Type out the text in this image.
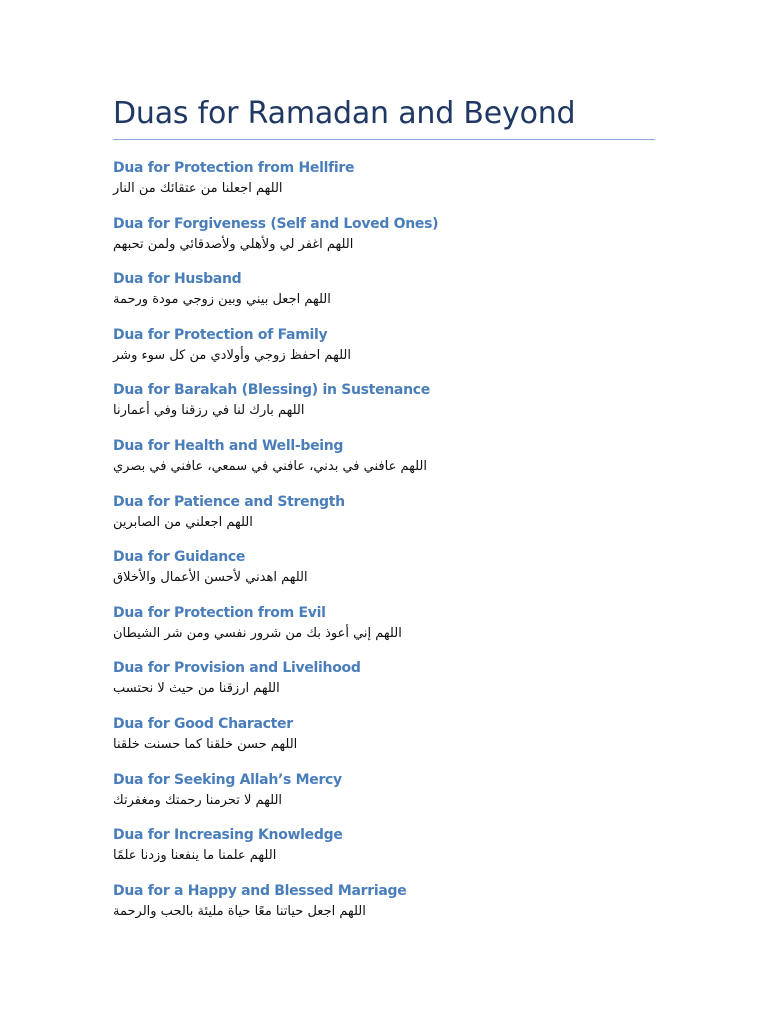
Duas for Ramadan and Beyond
Dua for Protection from Hellfire
اللهم اجعلنا من عتقائك من النار
Dua for Forgiveness (Self and Loved Ones)
اللهم اغفر لي ولأهلي ولأصدقائي ولمن تحبهم
Dua for Husband
اللهم اجعل بيني وبين زوجي مودة ورحمة
Dua for Protection of Family
اللهم احفظ زوجي وأولادي من كل سوء وشر
Dua for Barakah (Blessing) in Sustenance
اللهم بارك لنا في رزقنا وفي أعمارنا
Dua for Health and Well-being
اللهم عافني في بدني، عافني في سمعي، عافني في بصري
Dua for Patience and Strength
اللهم اجعلني من الصابرين
Dua for Guidance
اللهم اهدني لأحسن الأعمال والأخلاق
Dua for Protection from Evil
اللهم إني أعوذ بك من شرور نفسي ومن شر الشيطان
Dua for Provision and Livelihood
اللهم ارزقنا من حيث لا نحتسب
Dua for Good Character
اللهم حسن خلقنا كما حسنت خلقنا
Dua for Seeking Allah’s Mercy
اللهم لا تحرمنا رحمتك ومغفرتك
Dua for Increasing Knowledge
اللهم علمنا ما ينفعنا وزدنا علمًا
Dua for a Happy and Blessed Marriage
اللهم اجعل حياتنا معًا حياة مليئة بالحب والرحمة
